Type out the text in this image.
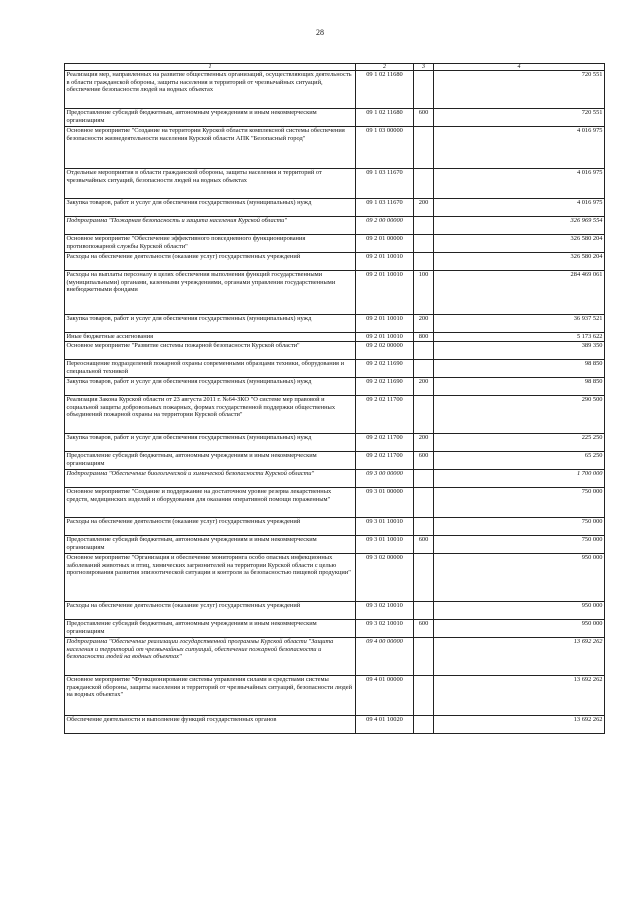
28
1	2	3	4
Реализация мер, направленных на развитие общественных организаций, осуществляющих деятельность в области гражданской обороны, защиты населения и территорий от чрезвычайных ситуаций, обеспечение безопасности людей на водных объектах	09 1 02 11680		720 551
Предоставление субсидий бюджетным, автономным учреждениям и иным некоммерческим организациям	09 1 02 11680	600	720 551
Основное мероприятие "Создание на территории Курской области комплексной системы обеспечения безопасности жизнедеятельности населения Курской области АПК "Безопасный город"	09 1 03 00000		4 016 975
Отдельные мероприятия в области гражданской обороны, защиты населения и территорий от чрезвычайных ситуаций, безопасности людей на водных объектах	09 1 03 11670		4 016 975
Закупка товаров, работ и услуг для обеспечения государственных (муниципальных) нужд	09 1 03 11670	200	4 016 975
Подпрограмма "Пожарная безопасность и защита населения Курской области"	09 2 00 00000		326 969 554
Основное мероприятие "Обеспечение эффективного повседневного функционирования противопожарной службы Курской области"	09 2 01 00000		326 580 204
Расходы на обеспечение деятельности (оказание услуг) государственных учреждений	09 2 01 10010		326 580 204
Расходы на выплаты персоналу в целях обеспечения выполнения функций государственными (муниципальными) органами, казенными учреждениями, органами управления государственными внебюджетными фондами	09 2 01 10010	100	284 469 061
Закупка товаров, работ и услуг для обеспечения государственных (муниципальных) нужд	09 2 01 10010	200	36 937 521
Иные бюджетные ассигнования	09 2 01 10010	800	5 173 622
Основное мероприятие "Развитие системы пожарной безопасности Курской области"	09 2 02 00000		389 350
Переоснащение подразделений пожарной охраны современными образцами техники, оборудования и специальной техникой	09 2 02 11690		98 850
Закупка товаров, работ и услуг для обеспечения государственных (муниципальных) нужд	09 2 02 11690	200	98 850
Реализация Закона Курской области от 23 августа 2011 г. №64-ЗКО "О системе мер правовой и социальной защиты добровольных пожарных, формах государственной поддержки общественных объединений пожарной охраны на территории Курской области"	09 2 02 11700		290 500
Закупка товаров, работ и услуг для обеспечения государственных (муниципальных) нужд	09 2 02 11700	200	225 250
Предоставление субсидий бюджетным, автономным учреждениям и иным некоммерческим организациям	09 2 02 11700	600	65 250
Подпрограмма "Обеспечение биологической и химической безопасности Курской области"	09 3 00 00000		1 700 000
Основное мероприятие "Создание и поддержание на достаточном уровне резерва лекарственных средств, медицинских изделий и оборудования для оказания оперативной помощи пораженным"	09 3 01 00000		750 000
Расходы на обеспечение деятельности (оказание услуг) государственных учреждений	09 3 01 10010		750 000
Предоставление субсидий бюджетным, автономным учреждениям и иным некоммерческим организациям	09 3 01 10010	600	750 000
Основное мероприятие "Организация и обеспечение мониторинга особо опасных инфекционных заболеваний животных и птиц, химических загрязнителей на территории Курской области с целью прогнозирования развития эпизоотической ситуации и контроля за безопасностью пищевой продукции"	09 3 02 00000		950 000
Расходы на обеспечение деятельности (оказание услуг) государственных учреждений	09 3 02 10010		950 000
Предоставление субсидий бюджетным, автономным учреждениям и иным некоммерческим организациям	09 3 02 10010	600	950 000
Подпрограмма "Обеспечение реализации государственной программы Курской области "Защита населения и территорий от чрезвычайных ситуаций, обеспечение пожарной безопасности и безопасности людей на водных объектах"	09 4 00 00000		13 692 262
Основное мероприятие "Функционирование системы управления силами и средствами системы гражданской обороны, защиты населения и территорий от чрезвычайных ситуаций, безопасности людей на водных объектах"	09 4 01 00000		13 692 262
Обеспечение деятельности и выполнение функций государственных органов	09 4 01 10020		13 692 262
